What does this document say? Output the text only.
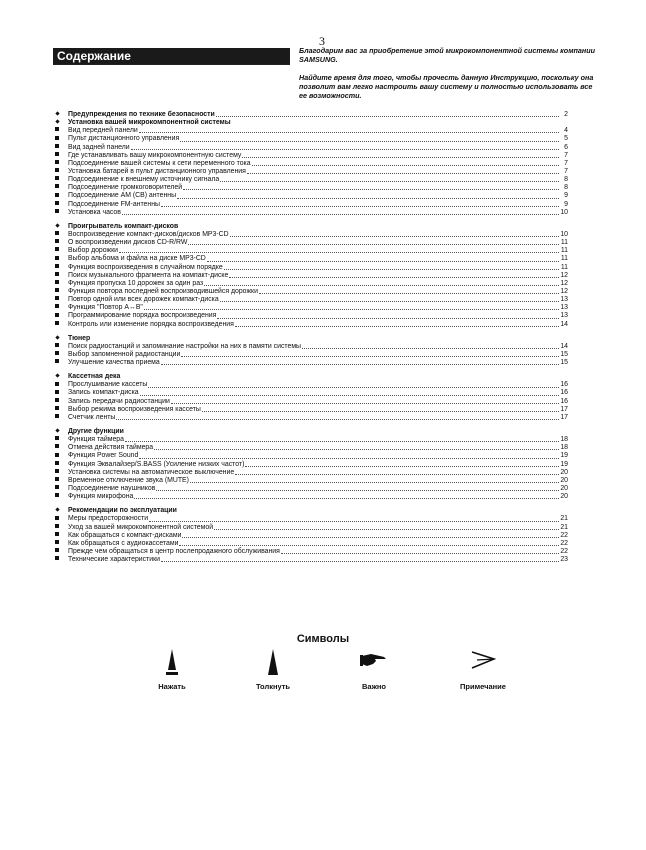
3
Содержание	Благодарим вас за приобретение этой микрокомпонентной системы компании SAMSUNG.

Найдите время для того, чтобы прочесть данную Инструкцию, поскольку она позволит вам легко настроить вашу систему и полностью использовать все ее возможности.

Предупреждения по технике безопасности	2
Установка вашей микрокомпонентной системы
Вид передней панели	4
Пульт дистанционного управления	5
Вид задней панели	6
Где устанавливать вашу микрокомпонентную систему	7
Подсоединение вашей системы к сети переменного тока	7
Установка батарей в пульт дистанционного управления	7
Подсоединение к внешнему источнику сигнала	8
Подсоединение громкоговорителей	8
Подсоединение AM (СВ) антенны	9
Подсоединение FM-антенны	9
Установка часов	10
Проигрыватель компакт-дисков
Воспроизведение компакт-дисков/дисков MP3-CD	10
О воспроизведении дисков CD-R/RW	11
Выбор дорожки	11
Выбор альбома и файла на диске MP3-CD	11
Функция воспроизведения в случайном порядке	11
Поиск музыкального фрагмента на компакт-диске	12
Функция пропуска 10 дорожек за один раз	12
Функция повтора последней воспроизводившейся дорожки	12
Повтор одной или всех дорожек компакт-диска	13
Функция "Повтор A↔B"	13
Программирование порядка воспроизведения	13
Контроль или изменение порядка воспроизведения	14
Тюнер
Поиск радиостанций и запоминание настройки на них в памяти системы	14
Выбор запомненной радиостанции	15
Улучшение качества приема	15
Кассетная дека
Прослушивание кассеты	16
Запись компакт-диска	16
Запись передачи радиостанции	16
Выбор режима воспроизведения кассеты	17
Счетчик ленты	17
Другие функции
Функция таймера	18
Отмена действия таймера	18
Функция Power Sound	19
Функция Эквалайзер/S.BASS (Усиление низких частот)	19
Установка системы на автоматическое выключение	20
Временное отключение звука (MUTE)	20
Подсоединение наушников	20
Функция микрофона	20
Рекомендации по эксплуатации
Меры предосторожности	21
Уход за вашей микрокомпонентной системой	21
Как обращаться с компакт-дисками	22
Как обращаться с аудиокассетами	22
Прежде чем обращаться в центр послепродажного обслуживания	22
Технические характеристики	23
Символы
Нажать	Толкнуть	Важно	Примечание
